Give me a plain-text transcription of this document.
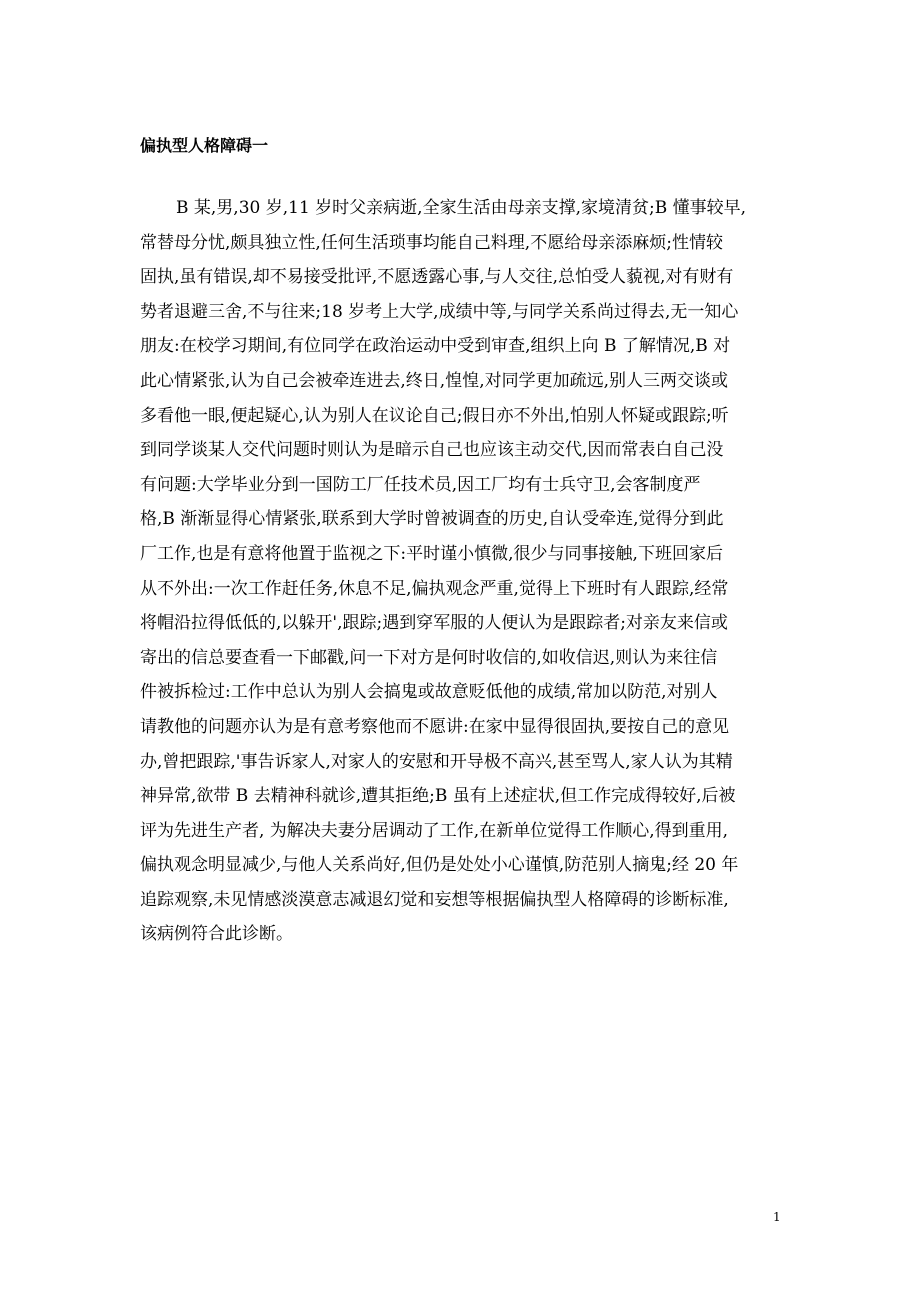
偏执型人格障碍一
B 某,男,30 岁,11 岁时父亲病逝,全家生活由母亲支撑,家境清贫;B 懂事较早,
常替母分忧,颇具独立性,任何生活琐事均能自己料理,不愿给母亲添麻烦;性情较
固执,虽有错误,却不易接受批评,不愿透露心事,与人交往,总怕受人藐视,对有财有
势者退避三舍,不与往来;18 岁考上大学,成绩中等,与同学关系尚过得去,无一知心
朋友:在校学习期间,有位同学在政治运动中受到审查,组织上向 B 了解情况,B 对
此心情紧张,认为自己会被牵连进去,终日,惶惶,对同学更加疏远,别人三两交谈或
多看他一眼,便起疑心,认为别人在议论自己;假日亦不外出,怕别人怀疑或跟踪;听
到同学谈某人交代问题时则认为是暗示自己也应该主动交代,因而常表白自己没
有问题:大学毕业分到一国防工厂任技术员,因工厂均有士兵守卫,会客制度严
格,B 渐渐显得心情紧张,联系到大学时曾被调查的历史,自认受牵连,觉得分到此
厂工作,也是有意将他置于监视之下:平时谨小慎微,很少与同事接触,下班回家后
从不外出:一次工作赶任务,休息不足,偏执观念严重,觉得上下班时有人跟踪,经常
将帽沿拉得低低的,以躲开',跟踪;遇到穿军服的人便认为是跟踪者;对亲友来信或
寄出的信总要查看一下邮戳,问一下对方是何时收信的,如收信迟,则认为来往信
件被拆检过:工作中总认为别人会搞鬼或故意贬低他的成绩,常加以防范,对别人
请教他的问题亦认为是有意考察他而不愿讲:在家中显得很固执,要按自己的意见
办,曾把跟踪,'事告诉家人,对家人的安慰和开导极不高兴,甚至骂人,家人认为其精
神异常,欲带 B 去精神科就诊,遭其拒绝;B 虽有上述症状,但工作完成得较好,后被
评为先进生产者, 为解决夫妻分居调动了工作,在新单位觉得工作顺心,得到重用,
偏执观念明显减少,与他人关系尚好,但仍是处处小心谨慎,防范别人摘鬼;经 20 年
追踪观察,未见情感淡漠意志减退幻觉和妄想等根据偏执型人格障碍的诊断标准,
该病例符合此诊断。
1
